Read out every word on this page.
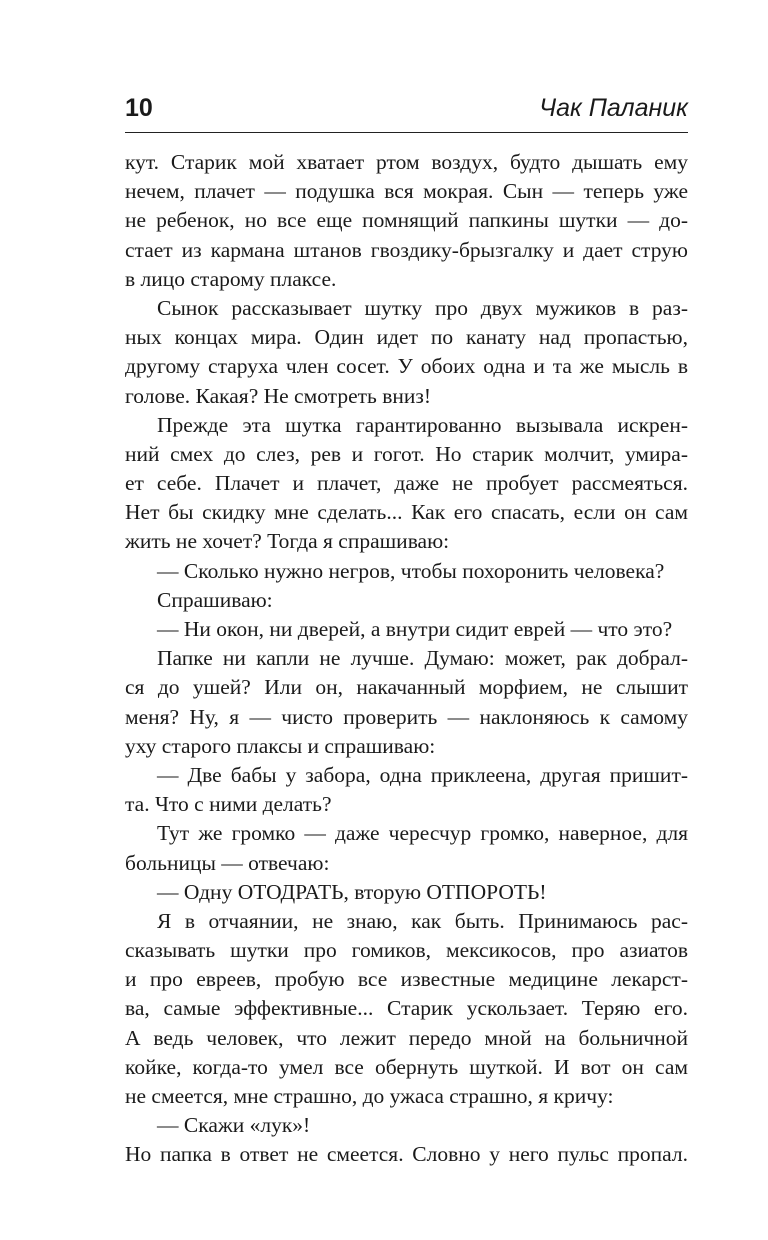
10	Чак Паланик
кут. Старик мой хватает ртом воздух, будто дышать ему
нечем, плачет — подушка вся мокрая. Сын — теперь уже
не ребенок, но все еще помнящий папкины шутки — до-
стает из кармана штанов гвоздику-брызгалку и дает струю
в лицо старому плаксе.
Сынок рассказывает шутку про двух мужиков в раз-
ных концах мира. Один идет по канату над пропастью,
другому старуха член сосет. У обоих одна и та же мысль в
голове. Какая? Не смотреть вниз!
Прежде эта шутка гарантированно вызывала искрен-
ний смех до слез, рев и гогот. Но старик молчит, умира-
ет себе. Плачет и плачет, даже не пробует рассмеяться.
Нет бы скидку мне сделать... Как его спасать, если он сам
жить не хочет? Тогда я спрашиваю:
— Сколько нужно негров, чтобы похоронить человека?
Спрашиваю:
— Ни окон, ни дверей, а внутри сидит еврей — что это?
Папке ни капли не лучше. Думаю: может, рак добрал-
ся до ушей? Или он, накачанный морфием, не слышит
меня? Ну, я — чисто проверить — наклоняюсь к самому
уху старого плаксы и спрашиваю:
— Две бабы у забора, одна приклеена, другая пришит-
та. Что с ними делать?
Тут же громко — даже чересчур громко, наверное, для
больницы — отвечаю:
— Одну ОТОДРАТЬ, вторую ОТПОРОТЬ!
Я в отчаянии, не знаю, как быть. Принимаюсь рас-
сказывать шутки про гомиков, мексикосов, про азиатов
и про евреев, пробую все известные медицине лекарст-
ва, самые эффективные... Старик ускользает. Теряю его.
А ведь человек, что лежит передо мной на больничной
койке, когда-то умел все обернуть шуткой. И вот он сам
не смеется, мне страшно, до ужаса страшно, я кричу:
— Скажи «лук»!
Но папка в ответ не смеется. Словно у него пульс пропал.
